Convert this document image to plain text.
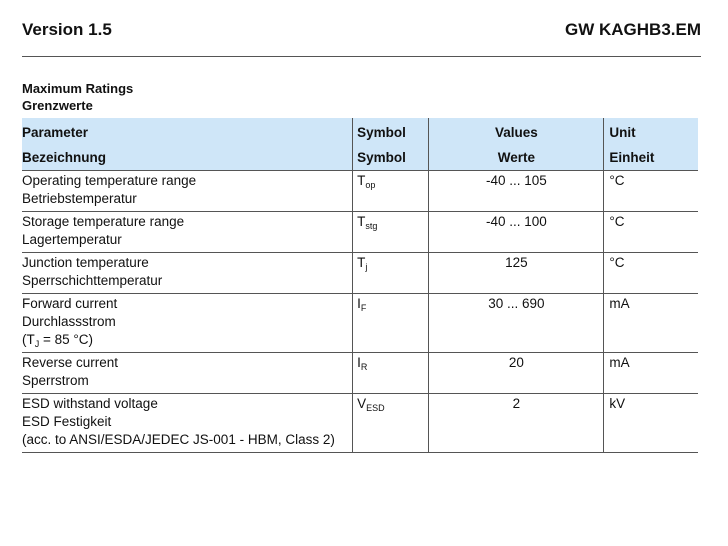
Version 1.5	GW KAGHB3.EM
Maximum Ratings
Grenzwerte
Parameter	Symbol	Values	Unit
Bezeichnung	Symbol	Werte	Einheit

Operating temperature range
Betriebstemperatur	$T_{op}$	-40 ... 105	°C

Storage temperature range
Lagertemperatur	$T_{stg}$	-40 ... 100	°C

Junction temperature
Sperrschichttemperatur	$T_j$	125	°C

Forward current
Durchlassstrom
($T_J = 85$ °C)	$I_F$	30 ... 690	mA

Reverse current
Sperrstrom	$I_R$	20	mA

ESD withstand voltage
ESD Festigkeit
(acc. to ANSI/ESDA/JEDEC JS-001 - HBM, Class 2)	$V_{ESD}$	2	kV
